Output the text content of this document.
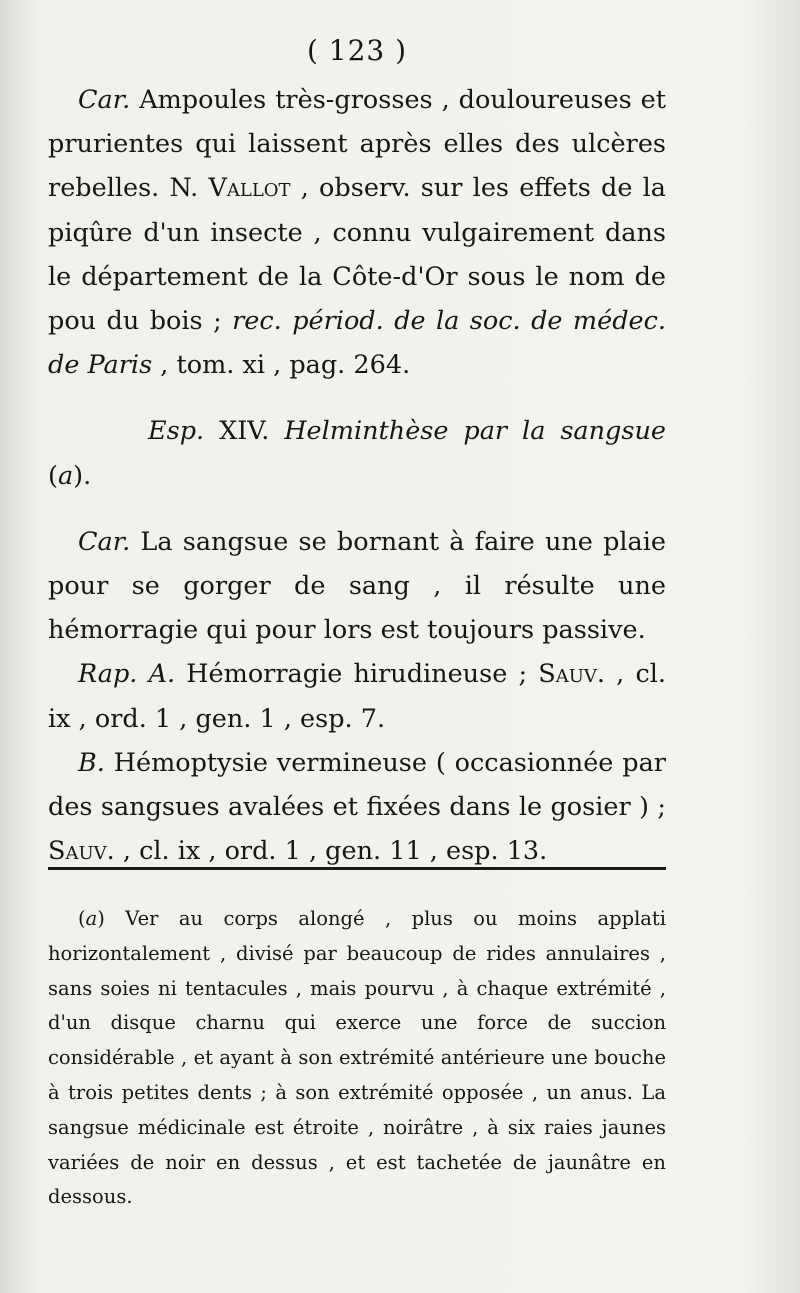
( 123 )

Car. Ampoules très-grosses , douloureuses et prurientes qui laissent après elles des ulcères rebelles. N. Vallot , observ. sur les effets de la piqûre d'un insecte , connu vulgairement dans le département de la Côte-d'Or sous le nom de pou du bois ; rec. périod. de la soc. de médec. de Paris , tom. xi , pag. 264.

Esp. XIV. Helminthèse par la sangsue (a).

Car. La sangsue se bornant à faire une plaie pour se gorger de sang , il résulte une hémorragie qui pour lors est toujours passive.

Rap. A. Hémorragie hirudineuse ; Sauv. , cl. ix , ord. 1 , gen. 1 , esp. 7.

B. Hémoptysie vermineuse ( occasionnée par des sangsues avalées et fixées dans le gosier ) ; Sauv. , cl. ix , ord. 1 , gen. 11 , esp. 13.

(a) Ver au corps alongé , plus ou moins applati horizontalement , divisé par beaucoup de rides annulaires , sans soies ni tentacules , mais pourvu , à chaque extrémité , d'un disque charnu qui exerce une force de succion considérable , et ayant à son extrémité antérieure une bouche à trois petites dents ; à son extrémité opposée , un anus. La sangsue médicinale est étroite , noirâtre , à six raies jaunes variées de noir en dessus , et est tachetée de jaunâtre en dessous.
